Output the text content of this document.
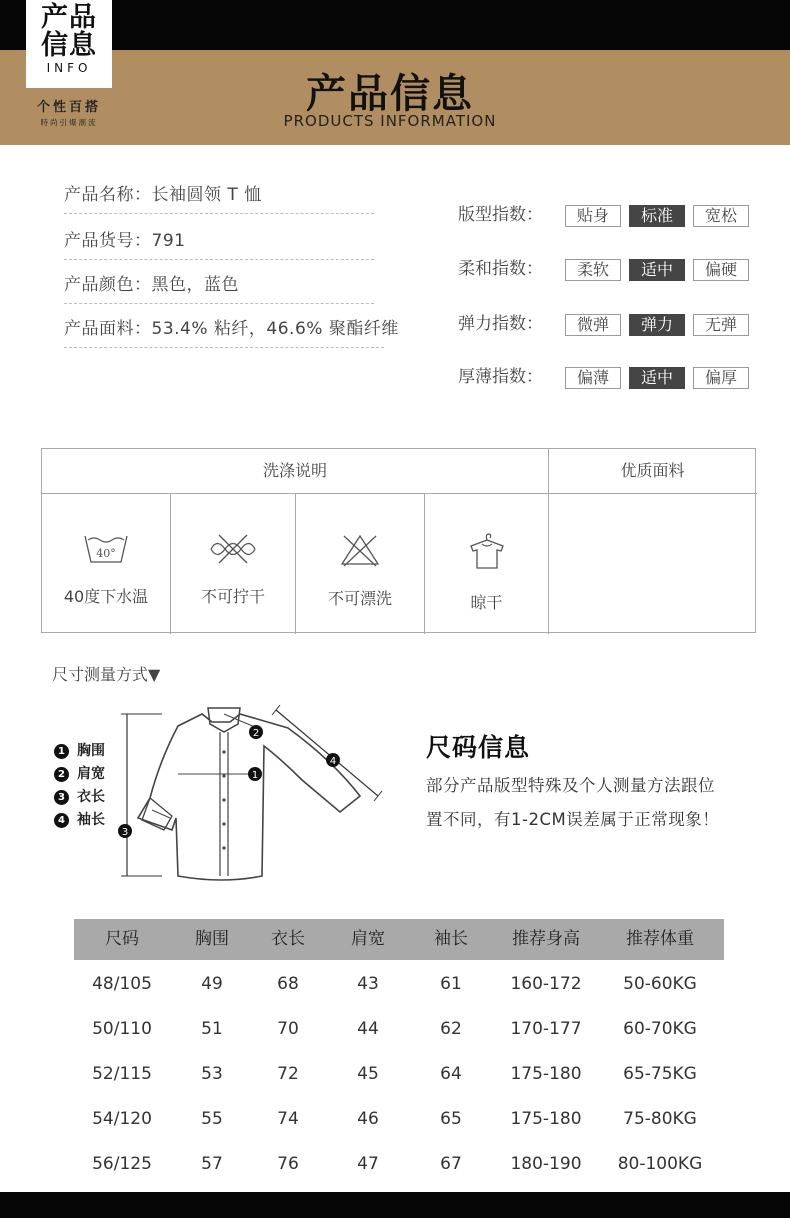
产品
信息
INFO
个性百搭
時尚引爆潮流
产品信息
PRODUCTS INFORMATION
产品名称：长袖圆领 T 恤
产品货号：791
产品颜色：黑色，蓝色
产品面料：53.4% 粘纤，46.6% 聚酯纤维
版型指数：	贴身	标准	宽松
柔和指数：	柔软	适中	偏硬
弹力指数：	微弹	弹力	无弹
厚薄指数：	偏薄	适中	偏厚
洗涤说明	优质面料
40°
40度下水温	不可拧干	不可漂洗	晾干
尺寸测量方式▼
1 胸围
2 肩宽
3 衣长
4 袖长
1
2
3
4	尺码信息
部分产品版型特殊及个人测量方法跟位
置不同，有1-2CM误差属于正常现象！
尺码	胸围	衣长	肩宽	袖长	推荐身高	推荐体重
48/105	49	68	43	61	160-172	50-60KG
50/110	51	70	44	62	170-177	60-70KG
52/115	53	72	45	64	175-180	65-75KG
54/120	55	74	46	65	175-180	75-80KG
56/125	57	76	47	67	180-190	80-100KG
